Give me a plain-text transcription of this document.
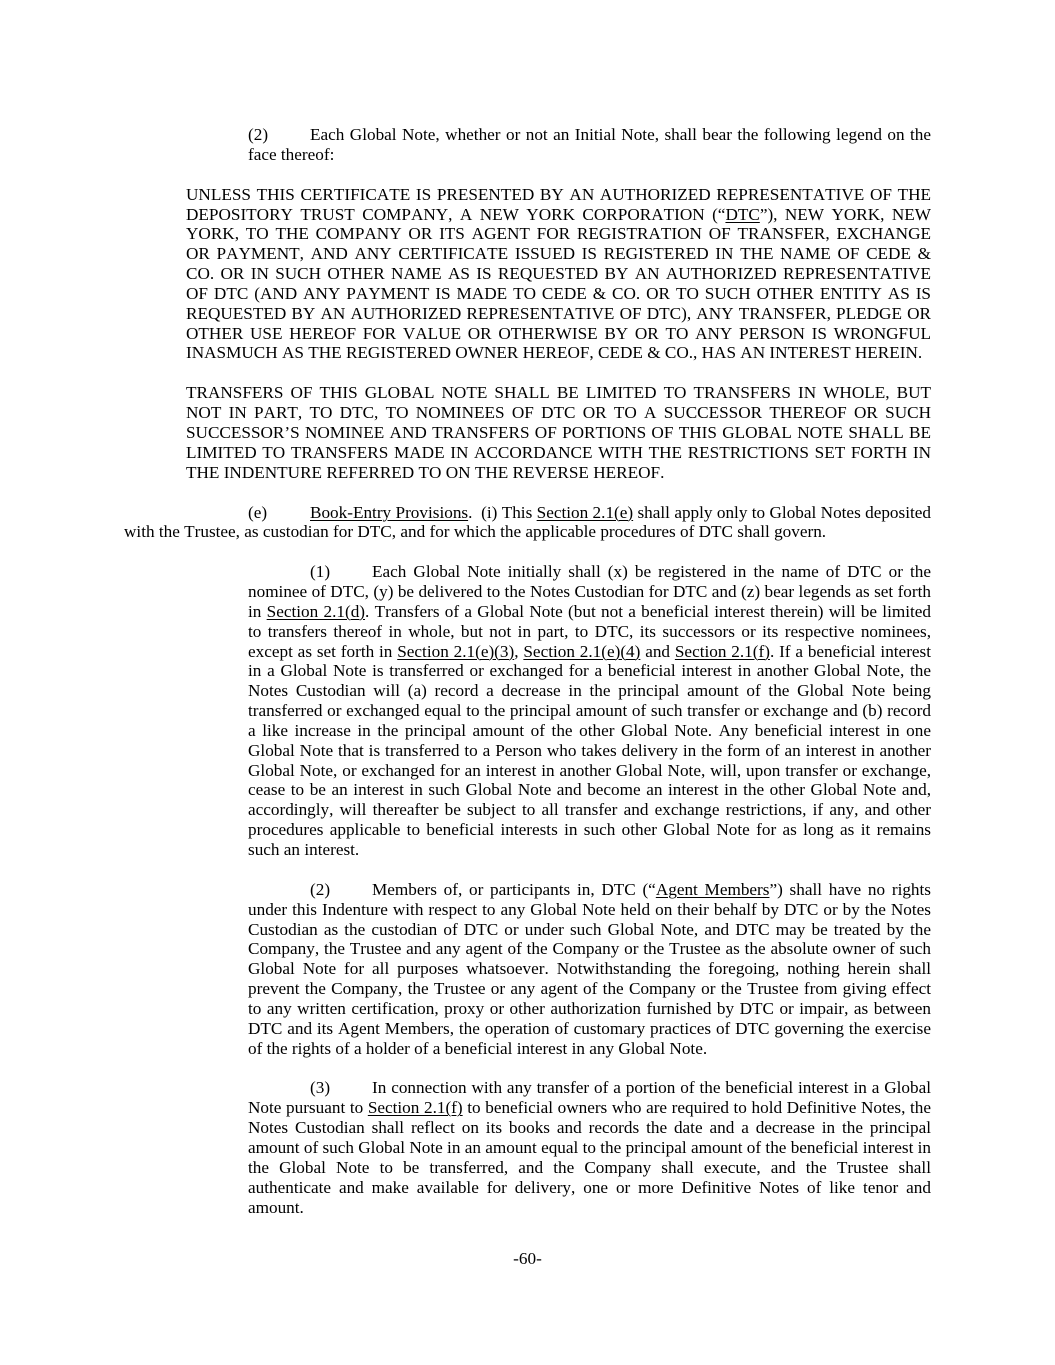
(2) Each Global Note, whether or not an Initial Note, shall bear the following legend on the face thereof:

UNLESS THIS CERTIFICATE IS PRESENTED BY AN AUTHORIZED REPRESENTATIVE OF THE DEPOSITORY TRUST COMPANY, A NEW YORK CORPORATION (“DTC”), NEW YORK, NEW YORK, TO THE COMPANY OR ITS AGENT FOR REGISTRATION OF TRANSFER, EXCHANGE OR PAYMENT, AND ANY CERTIFICATE ISSUED IS REGISTERED IN THE NAME OF CEDE & CO. OR IN SUCH OTHER NAME AS IS REQUESTED BY AN AUTHORIZED REPRESENTATIVE OF DTC (AND ANY PAYMENT IS MADE TO CEDE & CO. OR TO SUCH OTHER ENTITY AS IS REQUESTED BY AN AUTHORIZED REPRESENTATIVE OF DTC), ANY TRANSFER, PLEDGE OR OTHER USE HEREOF FOR VALUE OR OTHERWISE BY OR TO ANY PERSON IS WRONGFUL INASMUCH AS THE REGISTERED OWNER HEREOF, CEDE & CO., HAS AN INTEREST HEREIN.

TRANSFERS OF THIS GLOBAL NOTE SHALL BE LIMITED TO TRANSFERS IN WHOLE, BUT NOT IN PART, TO DTC, TO NOMINEES OF DTC OR TO A SUCCESSOR THEREOF OR SUCH SUCCESSOR’S NOMINEE AND TRANSFERS OF PORTIONS OF THIS GLOBAL NOTE SHALL BE LIMITED TO TRANSFERS MADE IN ACCORDANCE WITH THE RESTRICTIONS SET FORTH IN THE INDENTURE REFERRED TO ON THE REVERSE HEREOF.

(e) Book-Entry Provisions.  (i) This Section 2.1(e) shall apply only to Global Notes deposited with the Trustee, as custodian for DTC, and for which the applicable procedures of DTC shall govern.

(1) Each Global Note initially shall (x) be registered in the name of DTC or the nominee of DTC, (y) be delivered to the Notes Custodian for DTC and (z) bear legends as set forth in Section 2.1(d). Transfers of a Global Note (but not a beneficial interest therein) will be limited to transfers thereof in whole, but not in part, to DTC, its successors or its respective nominees, except as set forth in Section 2.1(e)(3), Section 2.1(e)(4) and Section 2.1(f). If a beneficial interest in a Global Note is transferred or exchanged for a beneficial interest in another Global Note, the Notes Custodian will (a) record a decrease in the principal amount of the Global Note being transferred or exchanged equal to the principal amount of such transfer or exchange and (b) record a like increase in the principal amount of the other Global Note. Any beneficial interest in one Global Note that is transferred to a Person who takes delivery in the form of an interest in another Global Note, or exchanged for an interest in another Global Note, will, upon transfer or exchange, cease to be an interest in such Global Note and become an interest in the other Global Note and, accordingly, will thereafter be subject to all transfer and exchange restrictions, if any, and other procedures applicable to beneficial interests in such other Global Note for as long as it remains such an interest.

(2) Members of, or participants in, DTC (“Agent Members”) shall have no rights under this Indenture with respect to any Global Note held on their behalf by DTC or by the Notes Custodian as the custodian of DTC or under such Global Note, and DTC may be treated by the Company, the Trustee and any agent of the Company or the Trustee as the absolute owner of such Global Note for all purposes whatsoever. Notwithstanding the foregoing, nothing herein shall prevent the Company, the Trustee or any agent of the Company or the Trustee from giving effect to any written certification, proxy or other authorization furnished by DTC or impair, as between DTC and its Agent Members, the operation of customary practices of DTC governing the exercise of the rights of a holder of a beneficial interest in any Global Note.

(3) In connection with any transfer of a portion of the beneficial interest in a Global Note pursuant to Section 2.1(f) to beneficial owners who are required to hold Definitive Notes, the Notes Custodian shall reflect on its books and records the date and a decrease in the principal amount of such Global Note in an amount equal to the principal amount of the beneficial interest in the Global Note to be transferred, and the Company shall execute, and the Trustee shall authenticate and make available for delivery, one or more Definitive Notes of like tenor and amount.

-60-
